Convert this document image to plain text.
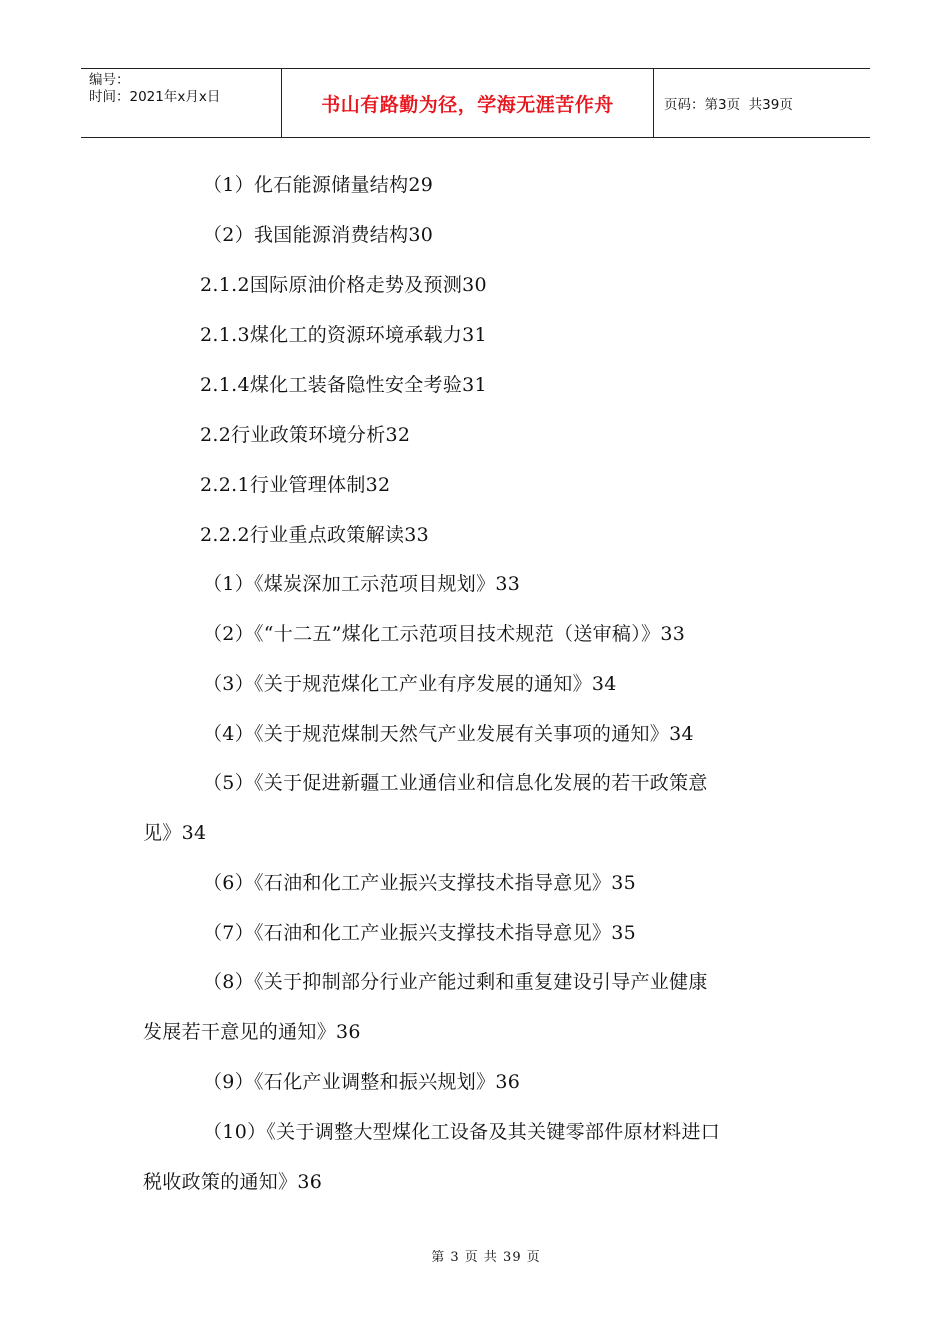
编号：
时间：2021年x月x日	书山有路勤为径，学海无涯苦作舟	页码：第3页  共39页
（1）化石能源储量结构29
（2）我国能源消费结构30
2.1.2国际原油价格走势及预测30
2.1.3煤化工的资源环境承载力31
2.1.4煤化工装备隐性安全考验31
2.2行业政策环境分析32
2.2.1行业管理体制32
2.2.2行业重点政策解读33
（1）《煤炭深加工示范项目规划》33
（2）《“十二五”煤化工示范项目技术规范（送审稿）》33
（3）《关于规范煤化工产业有序发展的通知》34
（4）《关于规范煤制天然气产业发展有关事项的通知》34
（5）《关于促进新疆工业通信业和信息化发展的若干政策意
见》34
（6）《石油和化工产业振兴支撑技术指导意见》35
（7）《石油和化工产业振兴支撑技术指导意见》35
（8）《关于抑制部分行业产能过剩和重复建设引导产业健康
发展若干意见的通知》36
（9）《石化产业调整和振兴规划》36
（10）《关于调整大型煤化工设备及其关键零部件原材料进口
税收政策的通知》36
第 3 页 共 39 页
